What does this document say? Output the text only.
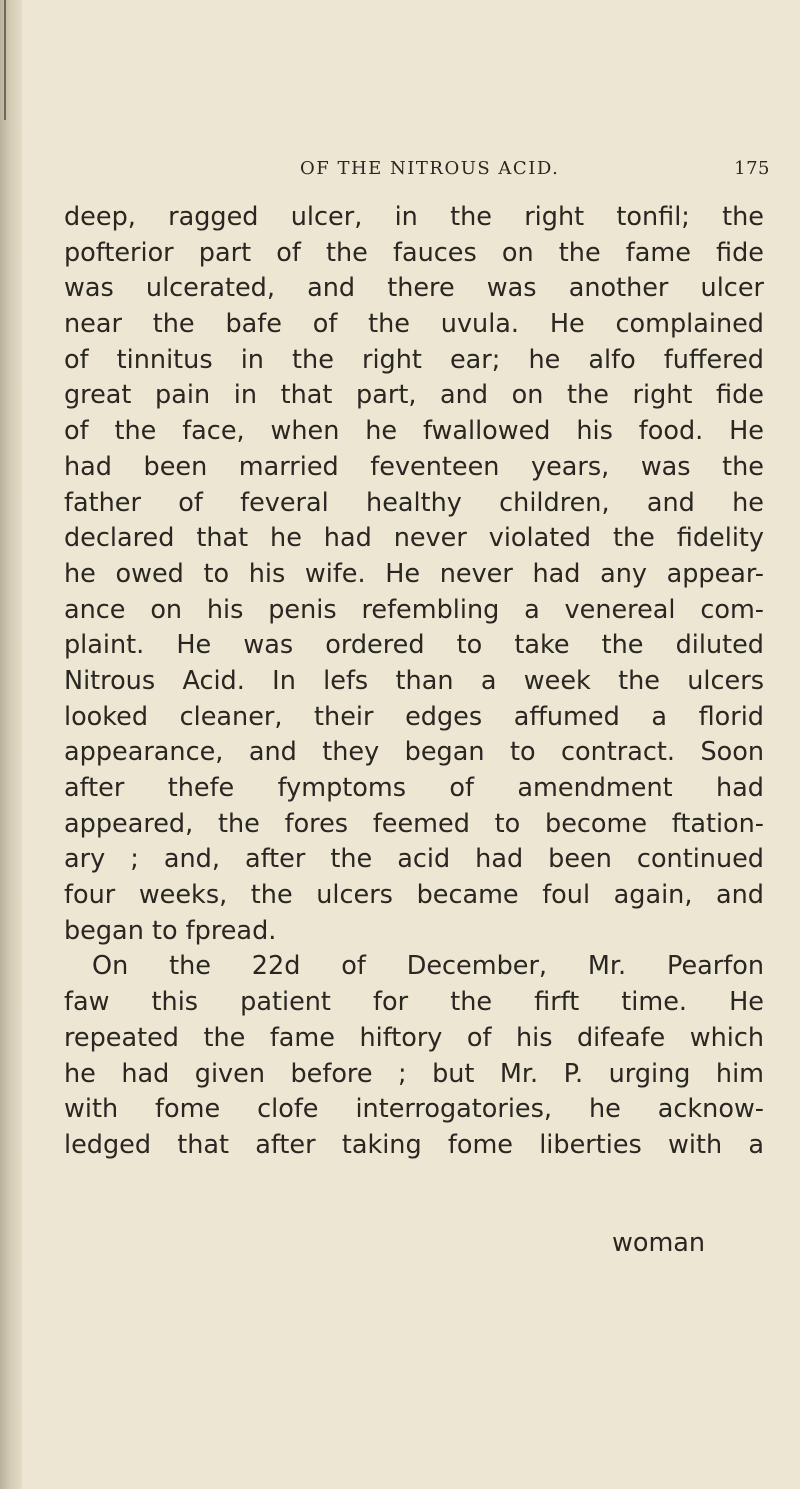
OF THE NITROUS ACID.	175
deep, ragged ulcer, in the right tonfil; the
pofterior part of the fauces on the fame fide
was ulcerated, and there was another ulcer
near the bafe of the uvula. He complained
of tinnitus in the right ear; he alfo fuffered
great pain in that part, and on the right fide
of the face, when he fwallowed his food. He
had been married feventeen years, was the
father of feveral healthy children, and he
declared that he had never violated the fidelity
he owed to his wife. He never had any appear-
ance on his penis refembling a venereal com-
plaint. He was ordered to take the diluted
Nitrous Acid. In lefs than a week the ulcers
looked cleaner, their edges affumed a florid
appearance, and they began to contract. Soon
after thefe fymptoms of amendment had
appeared, the fores feemed to become ftation-
ary ; and, after the acid had been continued
four weeks, the ulcers became foul again, and
began to fpread.
On the 22d of December, Mr. Pearfon
faw this patient for the firft time. He
repeated the fame hiftory of his difeafe which
he had given before ; but Mr. P. urging him
with fome clofe interrogatories, he acknow-
ledged that after taking fome liberties with a
woman
